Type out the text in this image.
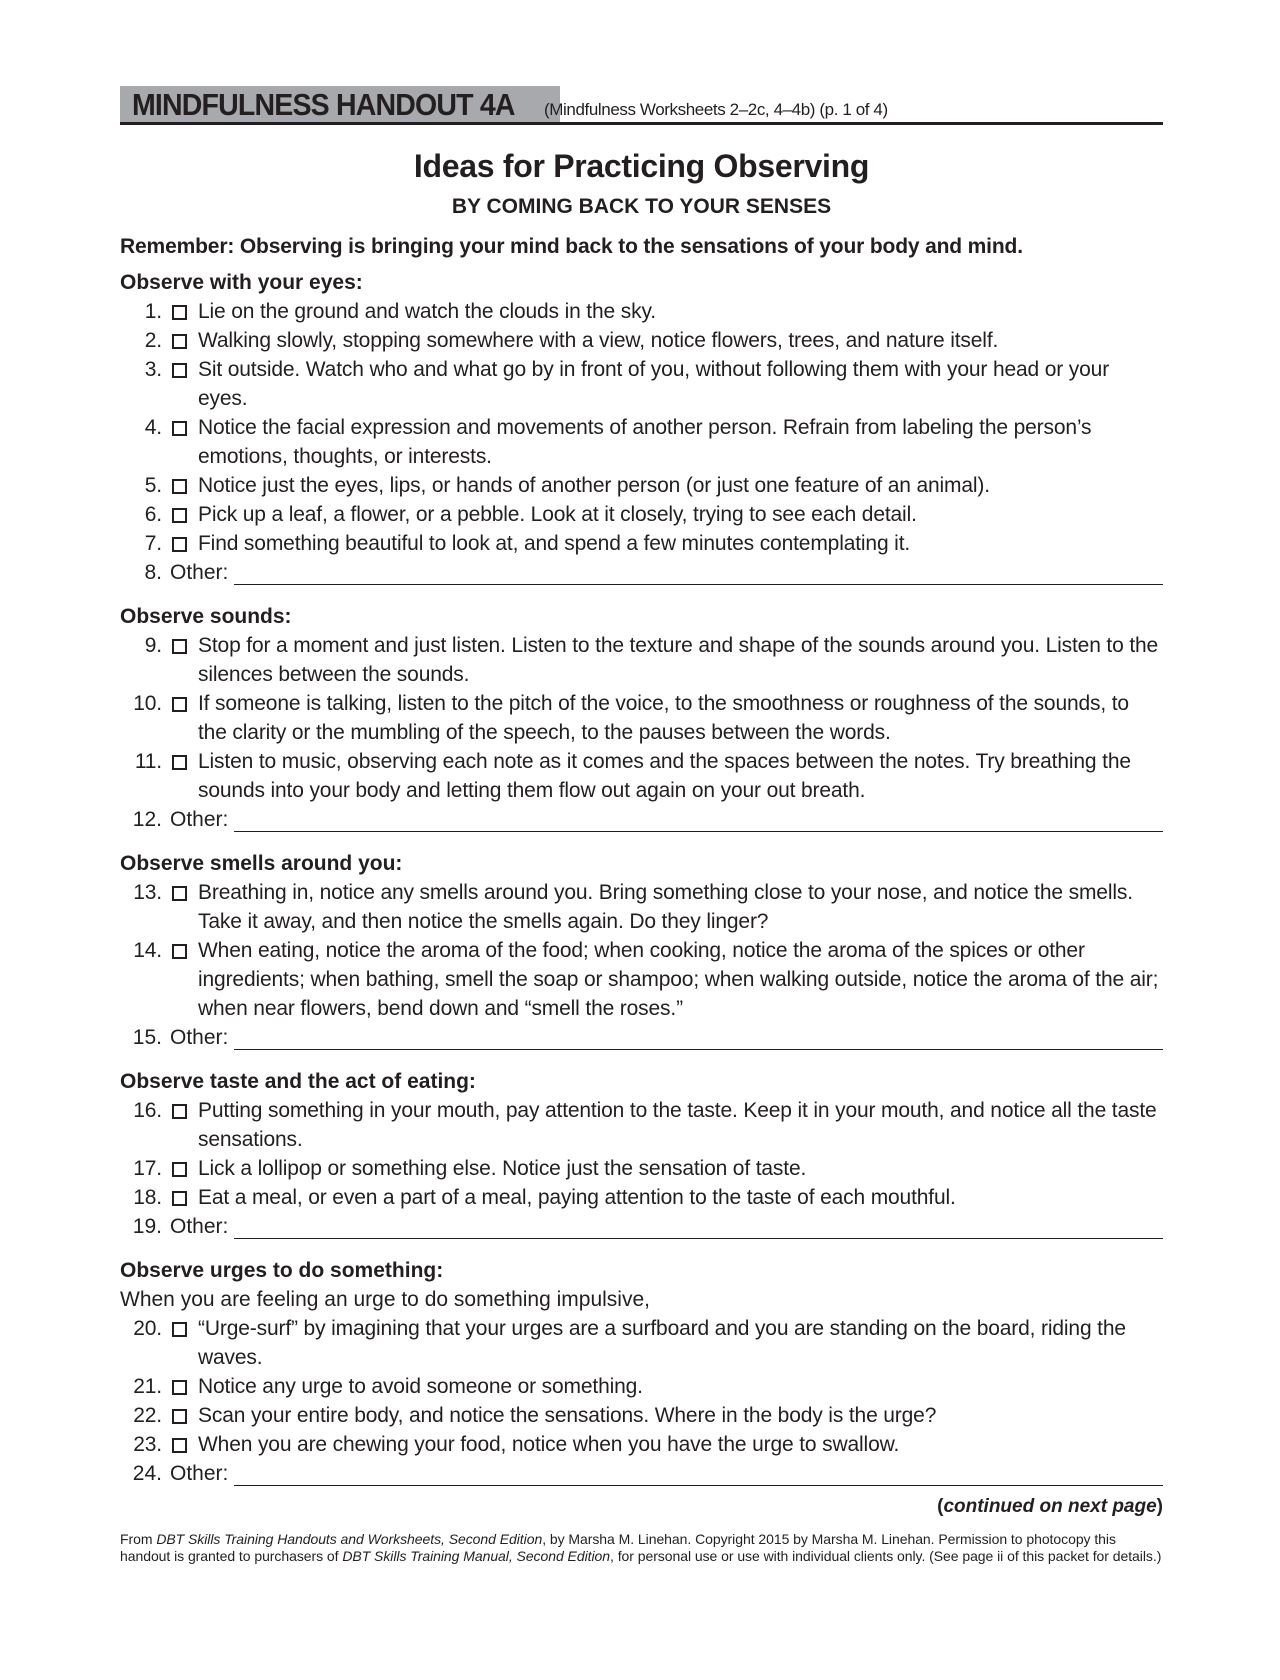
MINDFULNESS HANDOUT 4A (Mindfulness Worksheets 2–2c, 4–4b) (p. 1 of 4)
Ideas for Practicing Observing
BY COMING BACK TO YOUR SENSES
Remember: Observing is bringing your mind back to the sensations of your body and mind.
Observe with your eyes:
1. Lie on the ground and watch the clouds in the sky.
2. Walking slowly, stopping somewhere with a view, notice flowers, trees, and nature itself.
3. Sit outside. Watch who and what go by in front of you, without following them with your head or your eyes.
4. Notice the facial expression and movements of another person. Refrain from labeling the person’s emotions, thoughts, or interests.
5. Notice just the eyes, lips, or hands of another person (or just one feature of an animal).
6. Pick up a leaf, a flower, or a pebble. Look at it closely, trying to see each detail.
7. Find something beautiful to look at, and spend a few minutes contemplating it.
8. Other:
Observe sounds:
9. Stop for a moment and just listen. Listen to the texture and shape of the sounds around you. Listen to the silences between the sounds.
10. If someone is talking, listen to the pitch of the voice, to the smoothness or roughness of the sounds, to the clarity or the mumbling of the speech, to the pauses between the words.
11. Listen to music, observing each note as it comes and the spaces between the notes. Try breathing the sounds into your body and letting them flow out again on your out breath.
12. Other:
Observe smells around you:
13. Breathing in, notice any smells around you. Bring something close to your nose, and notice the smells. Take it away, and then notice the smells again. Do they linger?
14. When eating, notice the aroma of the food; when cooking, notice the aroma of the spices or other ingredients; when bathing, smell the soap or shampoo; when walking outside, notice the aroma of the air; when near flowers, bend down and “smell the roses.”
15. Other:
Observe taste and the act of eating:
16. Putting something in your mouth, pay attention to the taste. Keep it in your mouth, and notice all the taste sensations.
17. Lick a lollipop or something else. Notice just the sensation of taste.
18. Eat a meal, or even a part of a meal, paying attention to the taste of each mouthful.
19. Other:
Observe urges to do something:
When you are feeling an urge to do something impulsive,
20. “Urge-surf” by imagining that your urges are a surfboard and you are standing on the board, riding the waves.
21. Notice any urge to avoid someone or something.
22. Scan your entire body, and notice the sensations. Where in the body is the urge?
23. When you are chewing your food, notice when you have the urge to swallow.
24. Other:
(continued on next page)
From DBT Skills Training Handouts and Worksheets, Second Edition, by Marsha M. Linehan. Copyright 2015 by Marsha M. Linehan. Permission to photocopy this handout is granted to purchasers of DBT Skills Training Manual, Second Edition, for personal use or use with individual clients only. (See page ii of this packet for details.)
